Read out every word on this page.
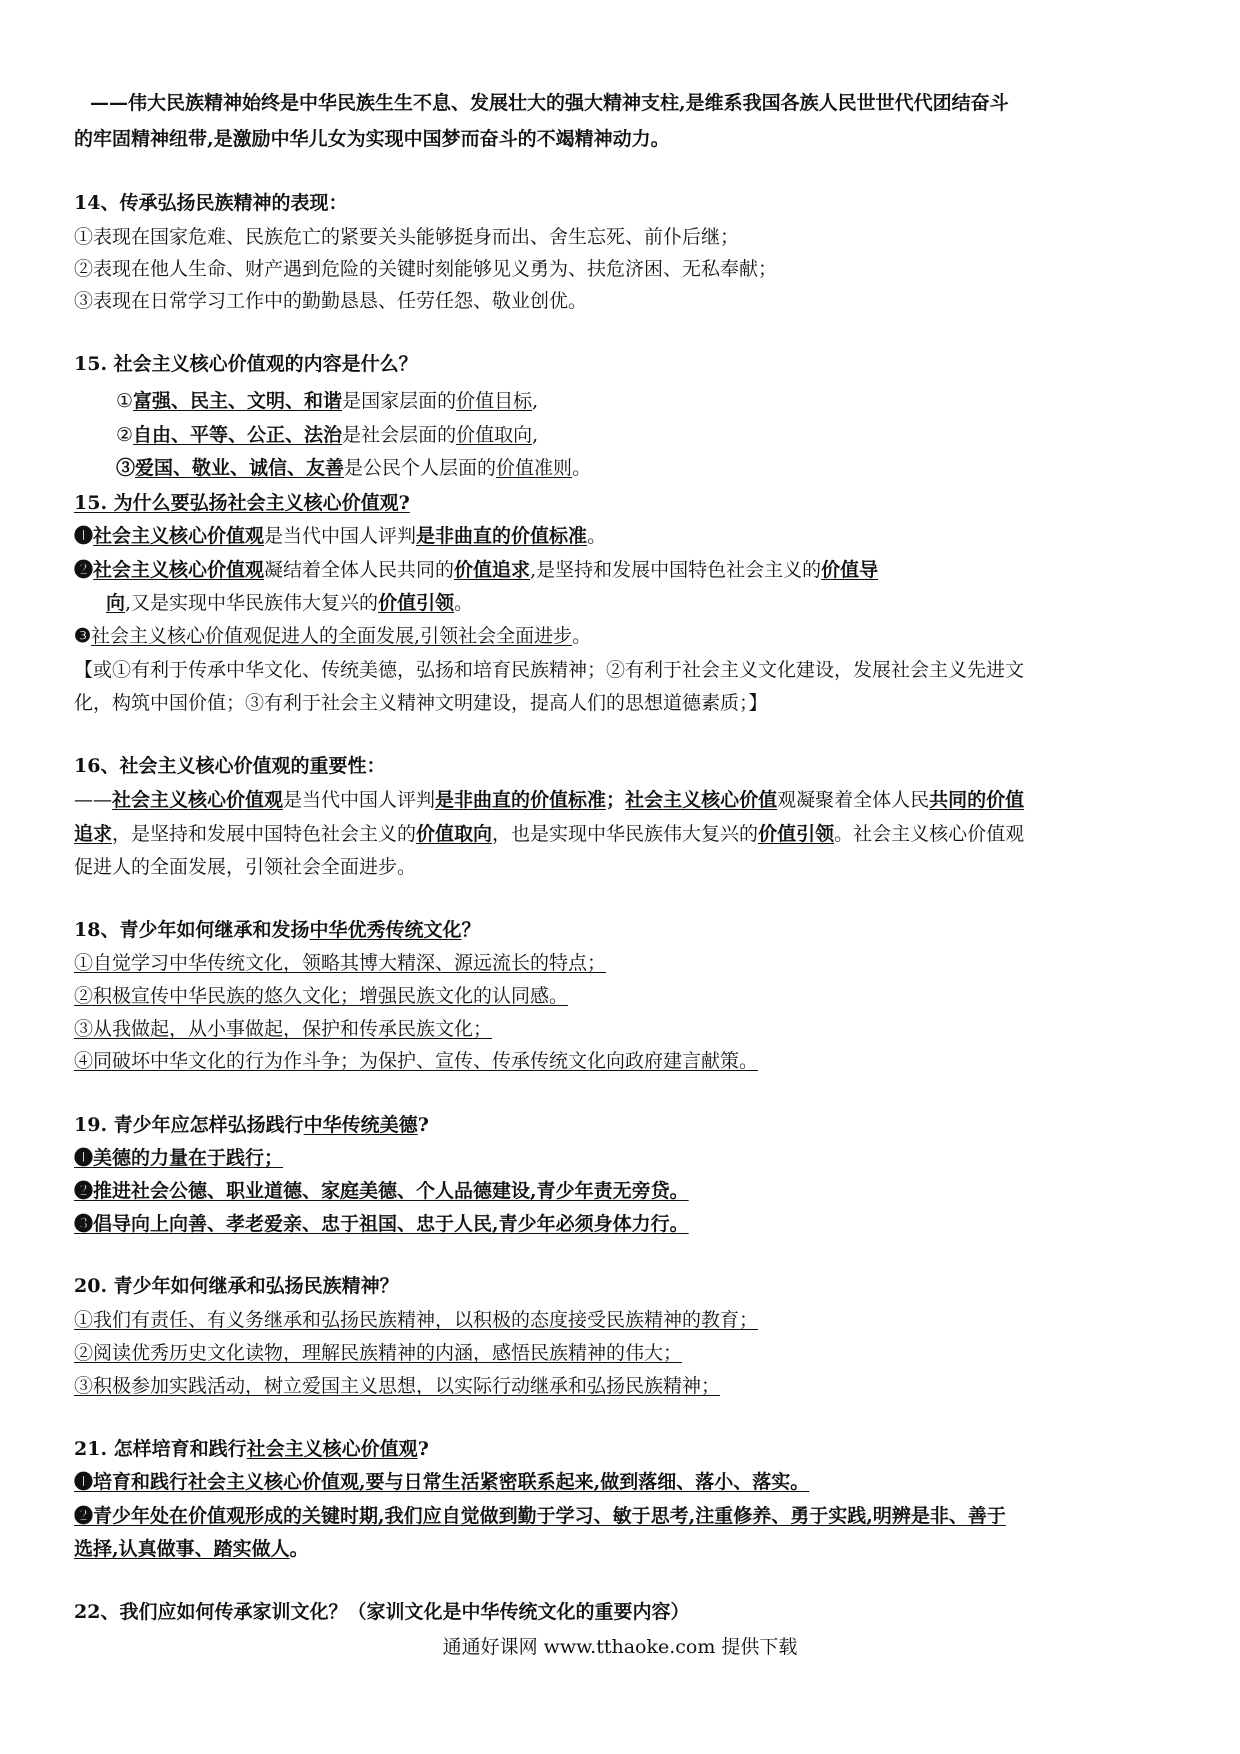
——伟大民族精神始终是中华民族生生不息、发展壮大的强大精神支柱,是维系我国各族人民世世代代团结奋斗
的牢固精神纽带,是激励中华儿女为实现中国梦而奋斗的不竭精神动力。
14、传承弘扬民族精神的表现：
①表现在国家危难、民族危亡的紧要关头能够挺身而出、舍生忘死、前仆后继；
②表现在他人生命、财产遇到危险的关键时刻能够见义勇为、扶危济困、无私奉献；
③表现在日常学习工作中的勤勤恳恳、任劳任怨、敬业创优。
15. 社会主义核心价值观的内容是什么？
①富强、民主、文明、和谐是国家层面的价值目标,
②自由、平等、公正、法治是社会层面的价值取向,
③爱国、敬业、诚信、友善是公民个人层面的价值准则。
15. 为什么要弘扬社会主义核心价值观?
❶社会主义核心价值观是当代中国人评判是非曲直的价值标准。
❷社会主义核心价值观凝结着全体人民共同的价值追求,是坚持和发展中国特色社会主义的价值导
向,又是实现中华民族伟大复兴的价值引领。
❸社会主义核心价值观促进人的全面发展,引领社会全面进步。
【或①有利于传承中华文化、传统美德，弘扬和培育民族精神；②有利于社会主义文化建设，发展社会主义先进文
化，构筑中国价值；③有利于社会主义精神文明建设，提高人们的思想道德素质；】
16、社会主义核心价值观的重要性：
——社会主义核心价值观是当代中国人评判是非曲直的价值标准；社会主义核心价值观凝聚着全体人民共同的价值
追求，是坚持和发展中国特色社会主义的价值取向，也是实现中华民族伟大复兴的价值引领。社会主义核心价值观
促进人的全面发展，引领社会全面进步。
18、青少年如何继承和发扬中华优秀传统文化？
①自觉学习中华传统文化，领略其博大精深、源远流长的特点；
②积极宣传中华民族的悠久文化；增强民族文化的认同感。
③从我做起，从小事做起，保护和传承民族文化；
④同破坏中华文化的行为作斗争；为保护、宣传、传承传统文化向政府建言献策。
19. 青少年应怎样弘扬践行中华传统美德?
❶美德的力量在于践行；
❷推进社会公德、职业道德、家庭美德、个人品德建设,青少年责无旁贷。
❸倡导向上向善、孝老爱亲、忠于祖国、忠于人民,青少年必须身体力行。
20. 青少年如何继承和弘扬民族精神？
①我们有责任、有义务继承和弘扬民族精神，以积极的态度接受民族精神的教育；
②阅读优秀历史文化读物，理解民族精神的内涵，感悟民族精神的伟大；
③积极参加实践活动，树立爱国主义思想，以实际行动继承和弘扬民族精神；
21. 怎样培育和践行社会主义核心价值观?
❶培育和践行社会主义核心价值观,要与日常生活紧密联系起来,做到落细、落小、落实。
❷青少年处在价值观形成的关键时期,我们应自觉做到勤于学习、敏于思考,注重修养、勇于实践,明辨是非、善于
选择,认真做事、踏实做人。
22、我们应如何传承家训文化？（家训文化是中华传统文化的重要内容）
通通好课网 www.tthaoke.com 提供下载
